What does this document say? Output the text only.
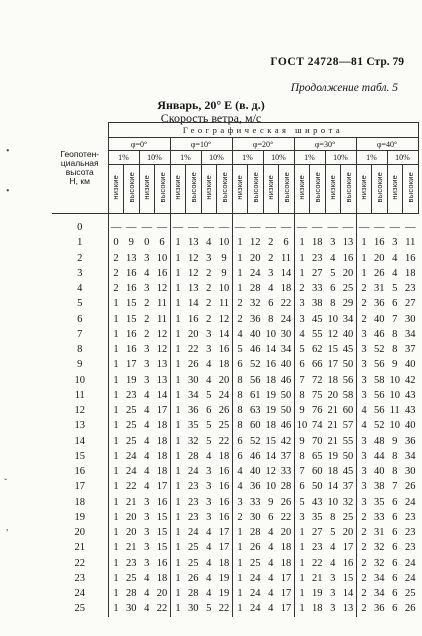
ГОСТ 24728—81 Стр. 79
Продолжение табл. 5
Январь, 20° Е (в. д.)
Скорость ветра, м/с
•
•
ˇ
,
Геопотен-
циальная
высота
Н, км	Географическая широта																			
	φ=0°				φ=10°				φ=20°				φ=30°				φ=40°			
	1%		10%		1%		10%		1%		10%		1%		10%		1%		10%	
	низкие	высокие	низкие	высокие	низкие	высокие	низкие	высокие	низкие	высокие	низкие	высокие	низкие	высокие	низкие	высокие	низкие	высокие	низкие	высокие

0	—	—	—	—	—	—	—	—	—	—	—	—	—	—	—	—	—	—	—	—
1	0	9	0	6	1	13	4	10	1	12	2	6	1	18	3	13	1	16	3	11
2	2	13	3	10	1	12	3	9	1	20	2	11	1	23	4	16	1	20	4	16
3	2	16	4	16	1	12	2	9	1	24	3	14	1	27	5	20	1	26	4	18
4	2	16	3	12	1	13	2	10	1	28	4	18	2	33	6	25	2	31	5	23
5	1	15	2	11	1	14	2	11	2	32	6	22	3	38	8	29	2	36	6	27
6	1	15	2	11	1	16	2	12	2	36	8	24	3	45	10	34	2	40	7	30
7	1	16	2	12	1	20	3	14	4	40	10	30	4	55	12	40	3	46	8	34
8	1	16	3	12	1	22	3	16	5	46	14	34	5	62	15	45	3	52	8	37
9	1	17	3	13	1	26	4	18	6	52	16	40	6	66	17	50	3	56	9	40
10	1	19	3	13	1	30	4	20	8	56	18	46	7	72	18	56	3	58	10	42
11	1	23	4	14	1	34	5	24	8	61	19	50	8	75	20	58	3	56	10	43
12	1	25	4	17	1	36	6	26	8	63	19	50	9	76	21	60	4	56	11	43
13	1	25	4	18	1	35	5	25	8	60	18	46	10	74	21	57	4	52	10	40
14	1	25	4	18	1	32	5	22	6	52	15	42	9	70	21	55	3	48	9	36
15	1	24	4	18	1	28	4	18	6	46	14	37	8	65	19	50	3	44	8	34
16	1	24	4	18	1	24	3	16	4	40	12	33	7	60	18	45	3	40	8	30
17	1	22	4	17	1	23	3	16	4	36	10	28	6	50	14	37	3	38	7	26
18	1	21	3	16	1	23	3	16	3	33	9	26	5	43	10	32	3	35	6	24
19	1	20	3	15	1	23	3	16	2	30	6	22	3	35	8	25	2	33	6	23
20	1	20	3	15	1	24	4	17	1	28	4	20	1	27	5	20	2	31	6	23
21	1	21	3	15	1	25	4	17	1	26	4	18	1	23	4	17	2	32	6	23
22	1	23	3	16	1	25	4	18	1	25	4	18	1	22	4	16	2	32	6	24
23	1	25	4	18	1	26	4	19	1	24	4	17	1	21	3	15	2	34	6	24
24	1	28	4	20	1	28	4	19	1	24	4	17	1	19	3	14	2	34	6	25
25	1	30	4	22	1	30	5	22	1	24	4	17	1	18	3	13	2	36	6	26
